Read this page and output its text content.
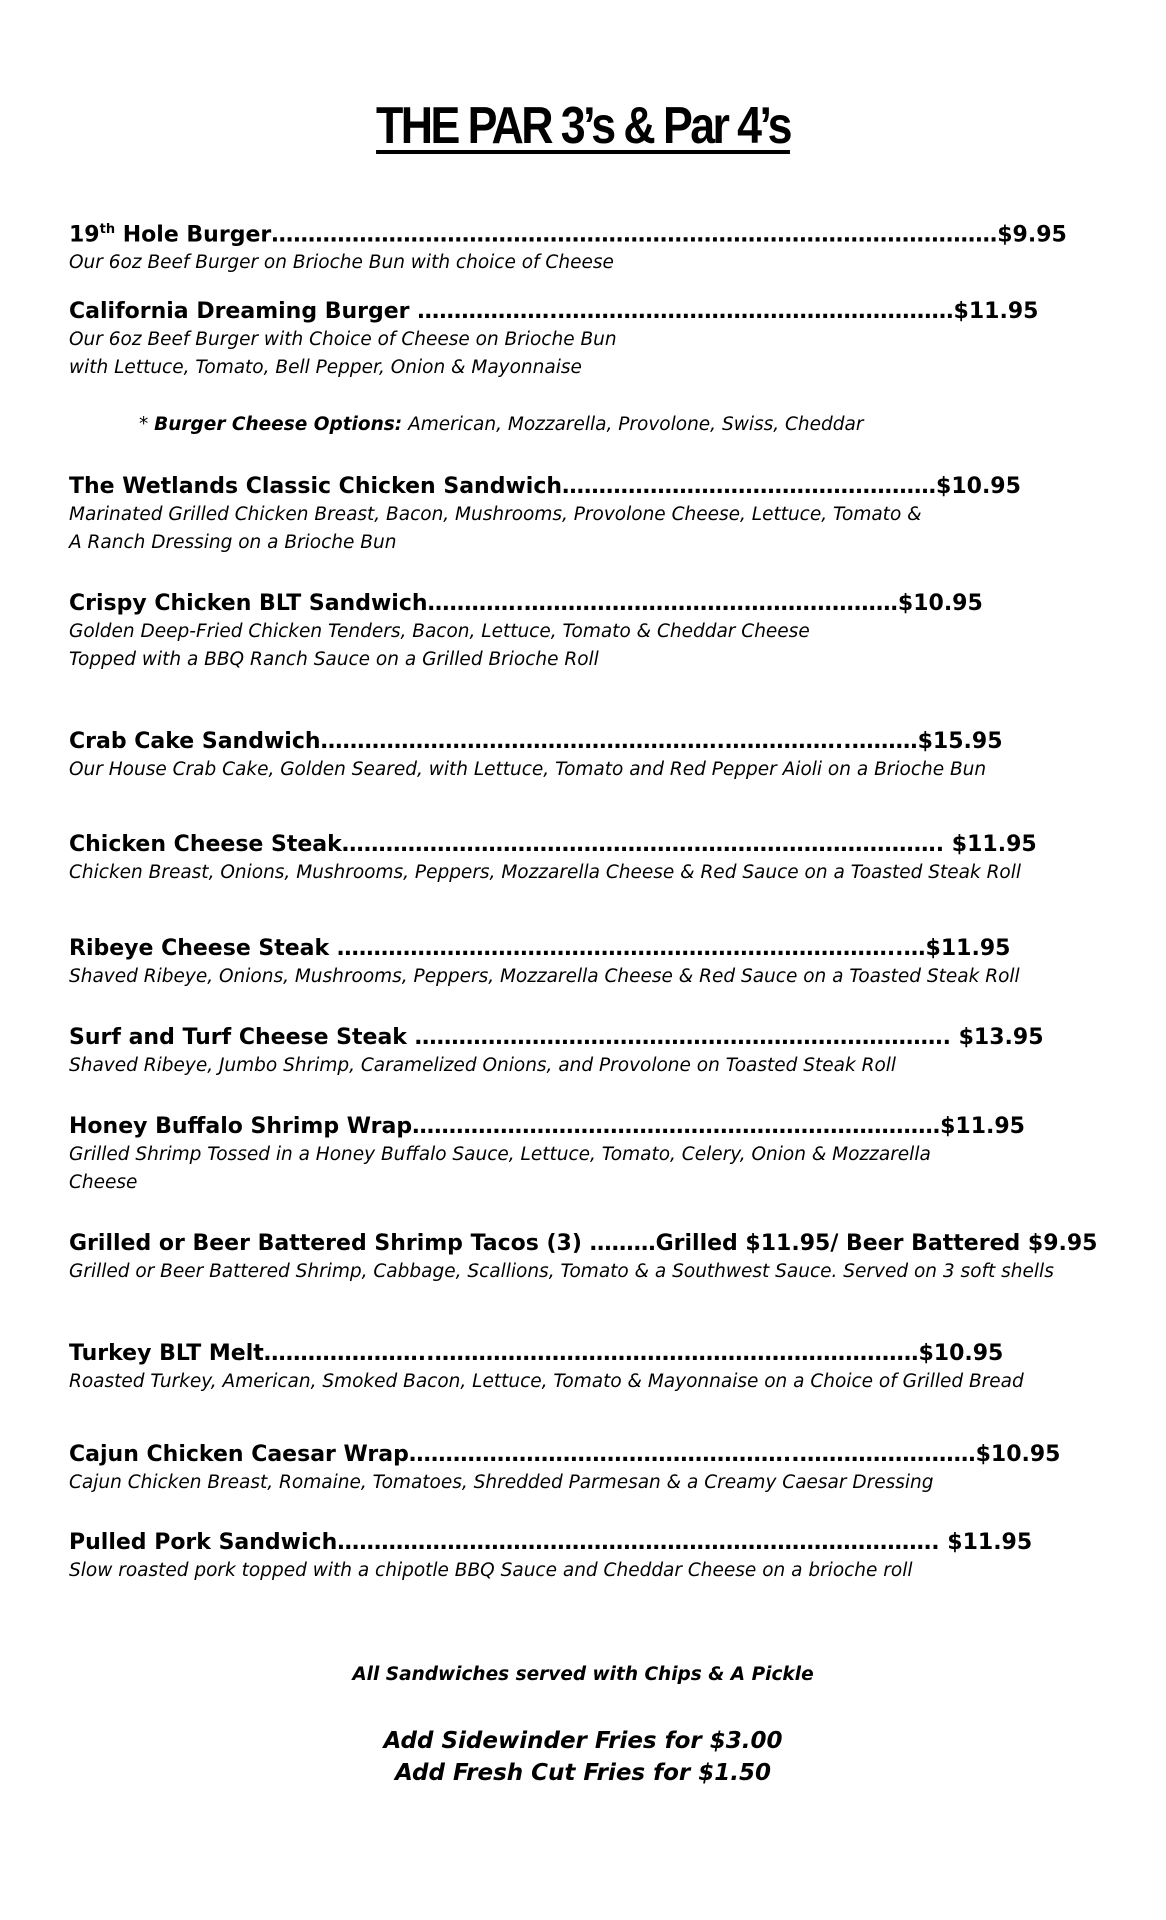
THE PAR 3’s & Par 4’s
19th Hole Burger………………………………………………………………………………………$9.95
Our 6oz Beef Burger on Brioche Bun with choice of Cheese
California Dreaming Burger ……………….………………………………………………$11.95
Our 6oz Beef Burger with Choice of Cheese on Brioche Bun
with Lettuce, Tomato, Bell Pepper, Onion & Mayonnaise
* Burger Cheese Options: American, Mozzarella, Provolone, Swiss, Cheddar
The Wetlands Classic Chicken Sandwich……………………………………………$10.95
Marinated Grilled Chicken Breast, Bacon, Mushrooms, Provolone Cheese, Lettuce, Tomato &
A Ranch Dressing on a Brioche Bun
Crispy Chicken BLT Sandwich………….……………………………………………$10.95
Golden Deep-Fried Chicken Tenders, Bacon, Lettuce, Tomato & Cheddar Cheese
Topped with a BBQ Ranch Sauce on a Grilled Brioche Roll
Crab Cake Sandwich……………………………………………….……………..………$15.95
Our House Crab Cake, Golden Seared, with Lettuce, Tomato and Red Pepper Aioli on a Brioche Bun
Chicken Cheese Steak………………………………………………………………………. $11.95
Chicken Breast, Onions, Mushrooms, Peppers, Mozzarella Cheese & Red Sauce on a Toasted Steak Roll
Ribeye Cheese Steak …………………………………………………………………..…$11.95
Shaved Ribeye, Onions, Mushrooms, Peppers, Mozzarella Cheese & Red Sauce on a Toasted Steak Roll
Surf and Turf Cheese Steak ………………………………………………………………. $13.95
Shaved Ribeye, Jumbo Shrimp, Caramelized Onions, and Provolone on Toasted Steak Roll
Honey Buffalo Shrimp Wrap………………………………………………………………$11.95
Grilled Shrimp Tossed in a Honey Buffalo Sauce, Lettuce, Tomato, Celery, Onion & Mozzarella
Cheese
Grilled or Beer Battered Shrimp Tacos (3) ………Grilled $11.95/ Beer Battered $9.95
Grilled or Beer Battered Shrimp, Cabbage, Scallions, Tomato & a Southwest Sauce. Served on 3 soft shells
Turkey BLT Melt…………………..…………………………………………………………$10.95
Roasted Turkey, American, Smoked Bacon, Lettuce, Tomato & Mayonnaise on a Choice of Grilled Bread
Cajun Chicken Caesar Wrap……………………………………………..……………………$10.95
Cajun Chicken Breast, Romaine, Tomatoes, Shredded Parmesan & a Creamy Caesar Dressing
Pulled Pork Sandwich………………………………………………………………………. $11.95
Slow roasted pork topped with a chipotle BBQ Sauce and Cheddar Cheese on a brioche roll
All Sandwiches served with Chips & A Pickle
Add Sidewinder Fries for $3.00
Add Fresh Cut Fries for $1.50
